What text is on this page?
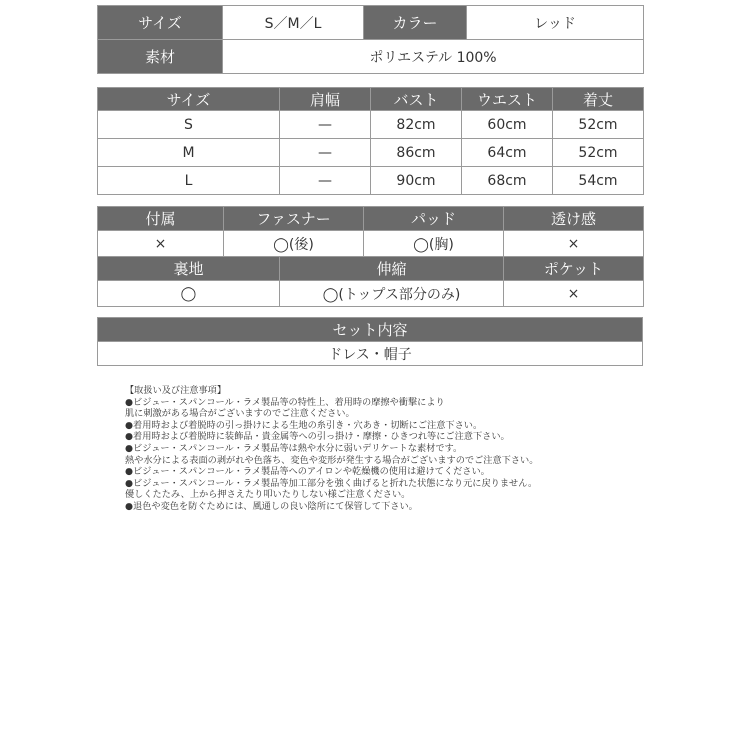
サイズ	S／M／L	カラー	レッド
素材	ポリエステル 100%		
サイズ	肩幅	バスト	ウエスト	着丈
S	—	82cm	60cm	52cm
M	—	86cm	64cm	52cm
L	—	90cm	68cm	54cm
付属	ファスナー		パッド	透け感
×	◯(後)		◯(胸)	×
裏地		伸縮		ポケット
◯		◯(トップス部分のみ)		×
セット内容
ドレス・帽子
【取扱い及び注意事項】
●ビジュー・スパンコール・ラメ製品等の特性上、着用時の摩擦や衝撃により
肌に刺激がある場合がございますのでご注意ください。
●着用時および着脱時の引っ掛けによる生地の糸引き・穴あき・切断にご注意下さい。
●着用時および着脱時に装飾品・貴金属等への引っ掛け・摩擦・ひきつれ等にご注意下さい。
●ビジュー・スパンコール・ラメ製品等は熱や水分に弱いデリケートな素材です。
熱や水分による表面の剥がれや色落ち、変色や変形が発生する場合がございますのでご注意下さい。
●ビジュー・スパンコール・ラメ製品等へのアイロンや乾燥機の使用は避けてください。
●ビジュー・スパンコール・ラメ製品等加工部分を強く曲げると折れた状態になり元に戻りません。
優しくたたみ、上から押さえたり叩いたりしない様ご注意ください。
●退色や変色を防ぐためには、風通しの良い陰所にて保管して下さい。
